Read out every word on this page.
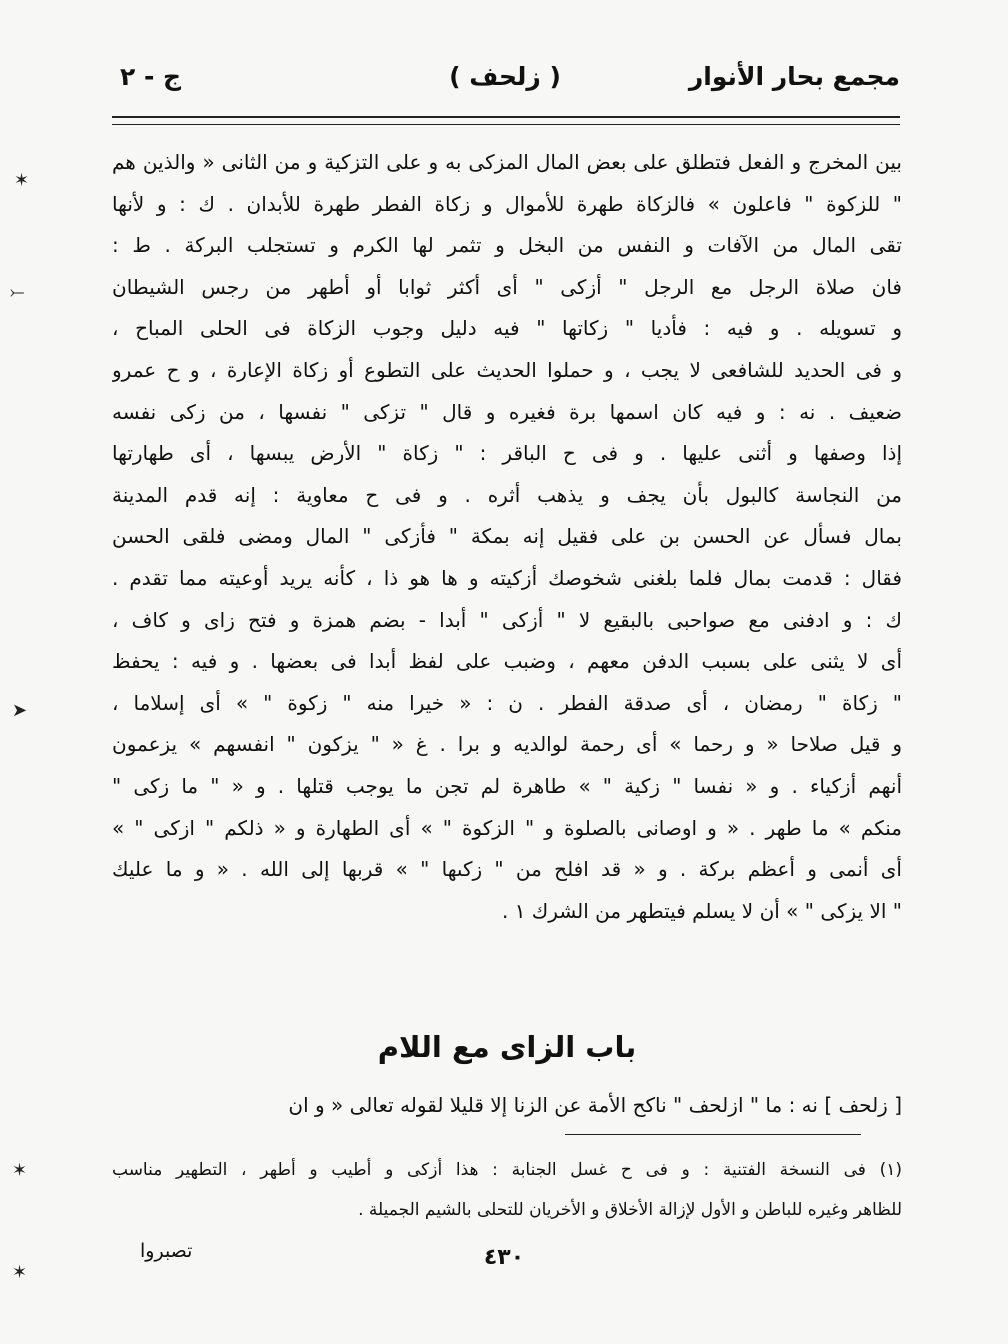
مجمع بحار الأنوار
( زلحف )
ج - ٢
بين المخرج و الفعل فتطلق على بعض المال المزكى به و على التزكية و من الثانى « والذين هم
" للزكوة " فاعلون » فالزكاة طهرة للأموال و زكاة الفطر طهرة للأبدان . ك : و لأنها
تقى المال من الآفات و النفس من البخل و تثمر لها الكرم و تستجلب البركة . ط :
فان صلاة الرجل مع الرجل " أزكى " أى أكثر ثوابا أو أطهر من رجس الشيطان
و تسويله . و فيه : فأديا " زكاتها " فيه دليل وجوب الزكاة فى الحلى المباح ،
و فى الحديد للشافعى لا يجب ، و حملوا الحديث على التطوع أو زكاة الإعارة ، و ح عمرو
ضعيف . نه : و فيه كان اسمها برة فغيره و قال " تزكى " نفسها ، من زكى نفسه
إذا وصفها و أثنى عليها . و فى ح الباقر : " زكاة " الأرض يبسها ، أى طهارتها
من النجاسة كالبول بأن يجف و يذهب أثره . و فى ح معاوية : إنه قدم المدينة
بمال فسأل عن الحسن بن على فقيل إنه بمكة " فأزكى " المال ومضى فلقى الحسن
فقال : قدمت بمال فلما بلغنى شخوصك أزكيته و ها هو ذا ، كأنه يريد أوعيته مما تقدم .
ك : و ادفنى مع صواحبى بالبقيع لا " أزكى " أبدا - بضم همزة و فتح زاى و كاف ،
أى لا يثنى على بسبب الدفن معهم ، وضبب على لفظ أبدا فى بعضها . و فيه : يحفظ
" زكاة " رمضان ، أى صدقة الفطر . ن : « خيرا منه " زكوة " » أى إسلاما ،
و قيل صلاحا « و رحما » أى رحمة لوالديه و برا . غ « " يزكون " انفسهم » يزعمون
أنهم أزكياء . و « نفسا " زكية " » طاهرة لم تجن ما يوجب قتلها . و « " ما زكى "
منكم » ما طهر . « و اوصانى بالصلوة و " الزكوة " » أى الطهارة و « ذلكم " ازكى " »
أى أنمى و أعظم بركة . و « قد افلح من " زكىها " » قربها إلى الله . « و ما عليك
" الا يزكى " » أن لا يسلم فيتطهر من الشرك ١ .
باب الزاى مع اللام
[ زلحف ] نه : ما " ازلحف " ناكح الأمة عن الزنا إلا قليلا لقوله تعالى « و ان
(١) فى النسخة الفتنية : و فى ح غسل الجنابة : هذا أزكى و أطيب و أطهر ، التطهير مناسب
للظاهر وغيره للباطن و الأول لإزالة الأخلاق و الأخريان للتحلى بالشيم الجميلة .
٤٣٠
تصبروا
✶
⤚
➤
✶
✶
